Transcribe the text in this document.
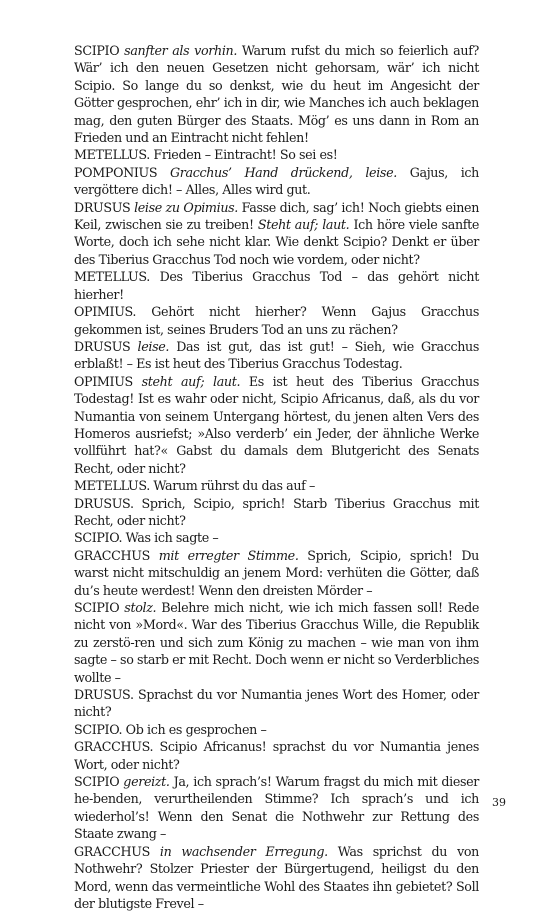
SCIPIO sanfter als vorhin. Warum rufst du mich so feierlich auf? Wär’ ich den neuen Gesetzen nicht gehorsam, wär’ ich nicht Scipio. So lange du so denkst, wie du heut im Angesicht der Götter gesprochen, ehr’ ich in dir, wie Manches ich auch beklagen mag, den guten Bürger des Staats. Mög’ es uns dann in Rom an Frieden und an Eintracht nicht fehlen!

METELLUS. Frieden – Eintracht! So sei es!

POMPONIUS Gracchus’ Hand drückend, leise. Gajus, ich vergöttere dich! – Alles, Alles wird gut.

DRUSUS leise zu Opimius. Fasse dich, sag’ ich! Noch giebts einen Keil, zwischen sie zu treiben! Steht auf; laut. Ich höre viele sanfte Worte, doch ich sehe nicht klar. Wie denkt Scipio? Denkt er über des Tiberius Gracchus Tod noch wie vordem, oder nicht?

METELLUS. Des Tiberius Gracchus Tod – das gehört nicht hierher!

OPIMIUS. Gehört nicht hierher? Wenn Gajus Gracchus gekommen ist, seines Bruders Tod an uns zu rächen?

DRUSUS leise. Das ist gut, das ist gut! – Sieh, wie Gracchus erblaßt! – Es ist heut des Tiberius Gracchus Todestag.

OPIMIUS steht auf; laut. Es ist heut des Tiberius Gracchus Todestag! Ist es wahr oder nicht, Scipio Africanus, daß, als du vor Numantia von seinem Untergang hörtest, du jenen alten Vers des Homeros ausriefst; »Also verderb’ ein Jeder, der ähnliche Werke vollführt hat?« Gabst du damals dem Blutgericht des Senats Recht, oder nicht?

METELLUS. Warum rührst du das auf –

DRUSUS. Sprich, Scipio, sprich! Starb Tiberius Gracchus mit Recht, oder nicht?

SCIPIO. Was ich sagte –

GRACCHUS mit erregter Stimme. Sprich, Scipio, sprich! Du warst nicht mitschuldig an jenem Mord: verhüten die Götter, daß du’s heute werdest! Wenn den dreisten Mörder –

SCIPIO stolz. Belehre mich nicht, wie ich mich fassen soll! Rede nicht von »Mord«. War des Tiberius Gracchus Wille, die Republik zu zerstö-ren und sich zum König zu machen – wie man von ihm sagte – so starb er mit Recht. Doch wenn er nicht so Verderbliches wollte –

DRUSUS. Sprachst du vor Numantia jenes Wort des Homer, oder nicht?

SCIPIO. Ob ich es gesprochen –

GRACCHUS. Scipio Africanus! sprachst du vor Numantia jenes Wort, oder nicht?

SCIPIO gereizt. Ja, ich sprach’s! Warum fragst du mich mit dieser he-benden, verurtheilenden Stimme? Ich sprach’s und ich wiederhol’s! Wenn den Senat die Nothwehr zur Rettung des Staate zwang –

GRACCHUS in wachsender Erregung. Was sprichst du von Nothwehr? Stolzer Priester der Bürgertugend, heiligst du den Mord, wenn das vermeintliche Wohl des Staates ihn gebietet? Soll der blutigste Frevel –

39
